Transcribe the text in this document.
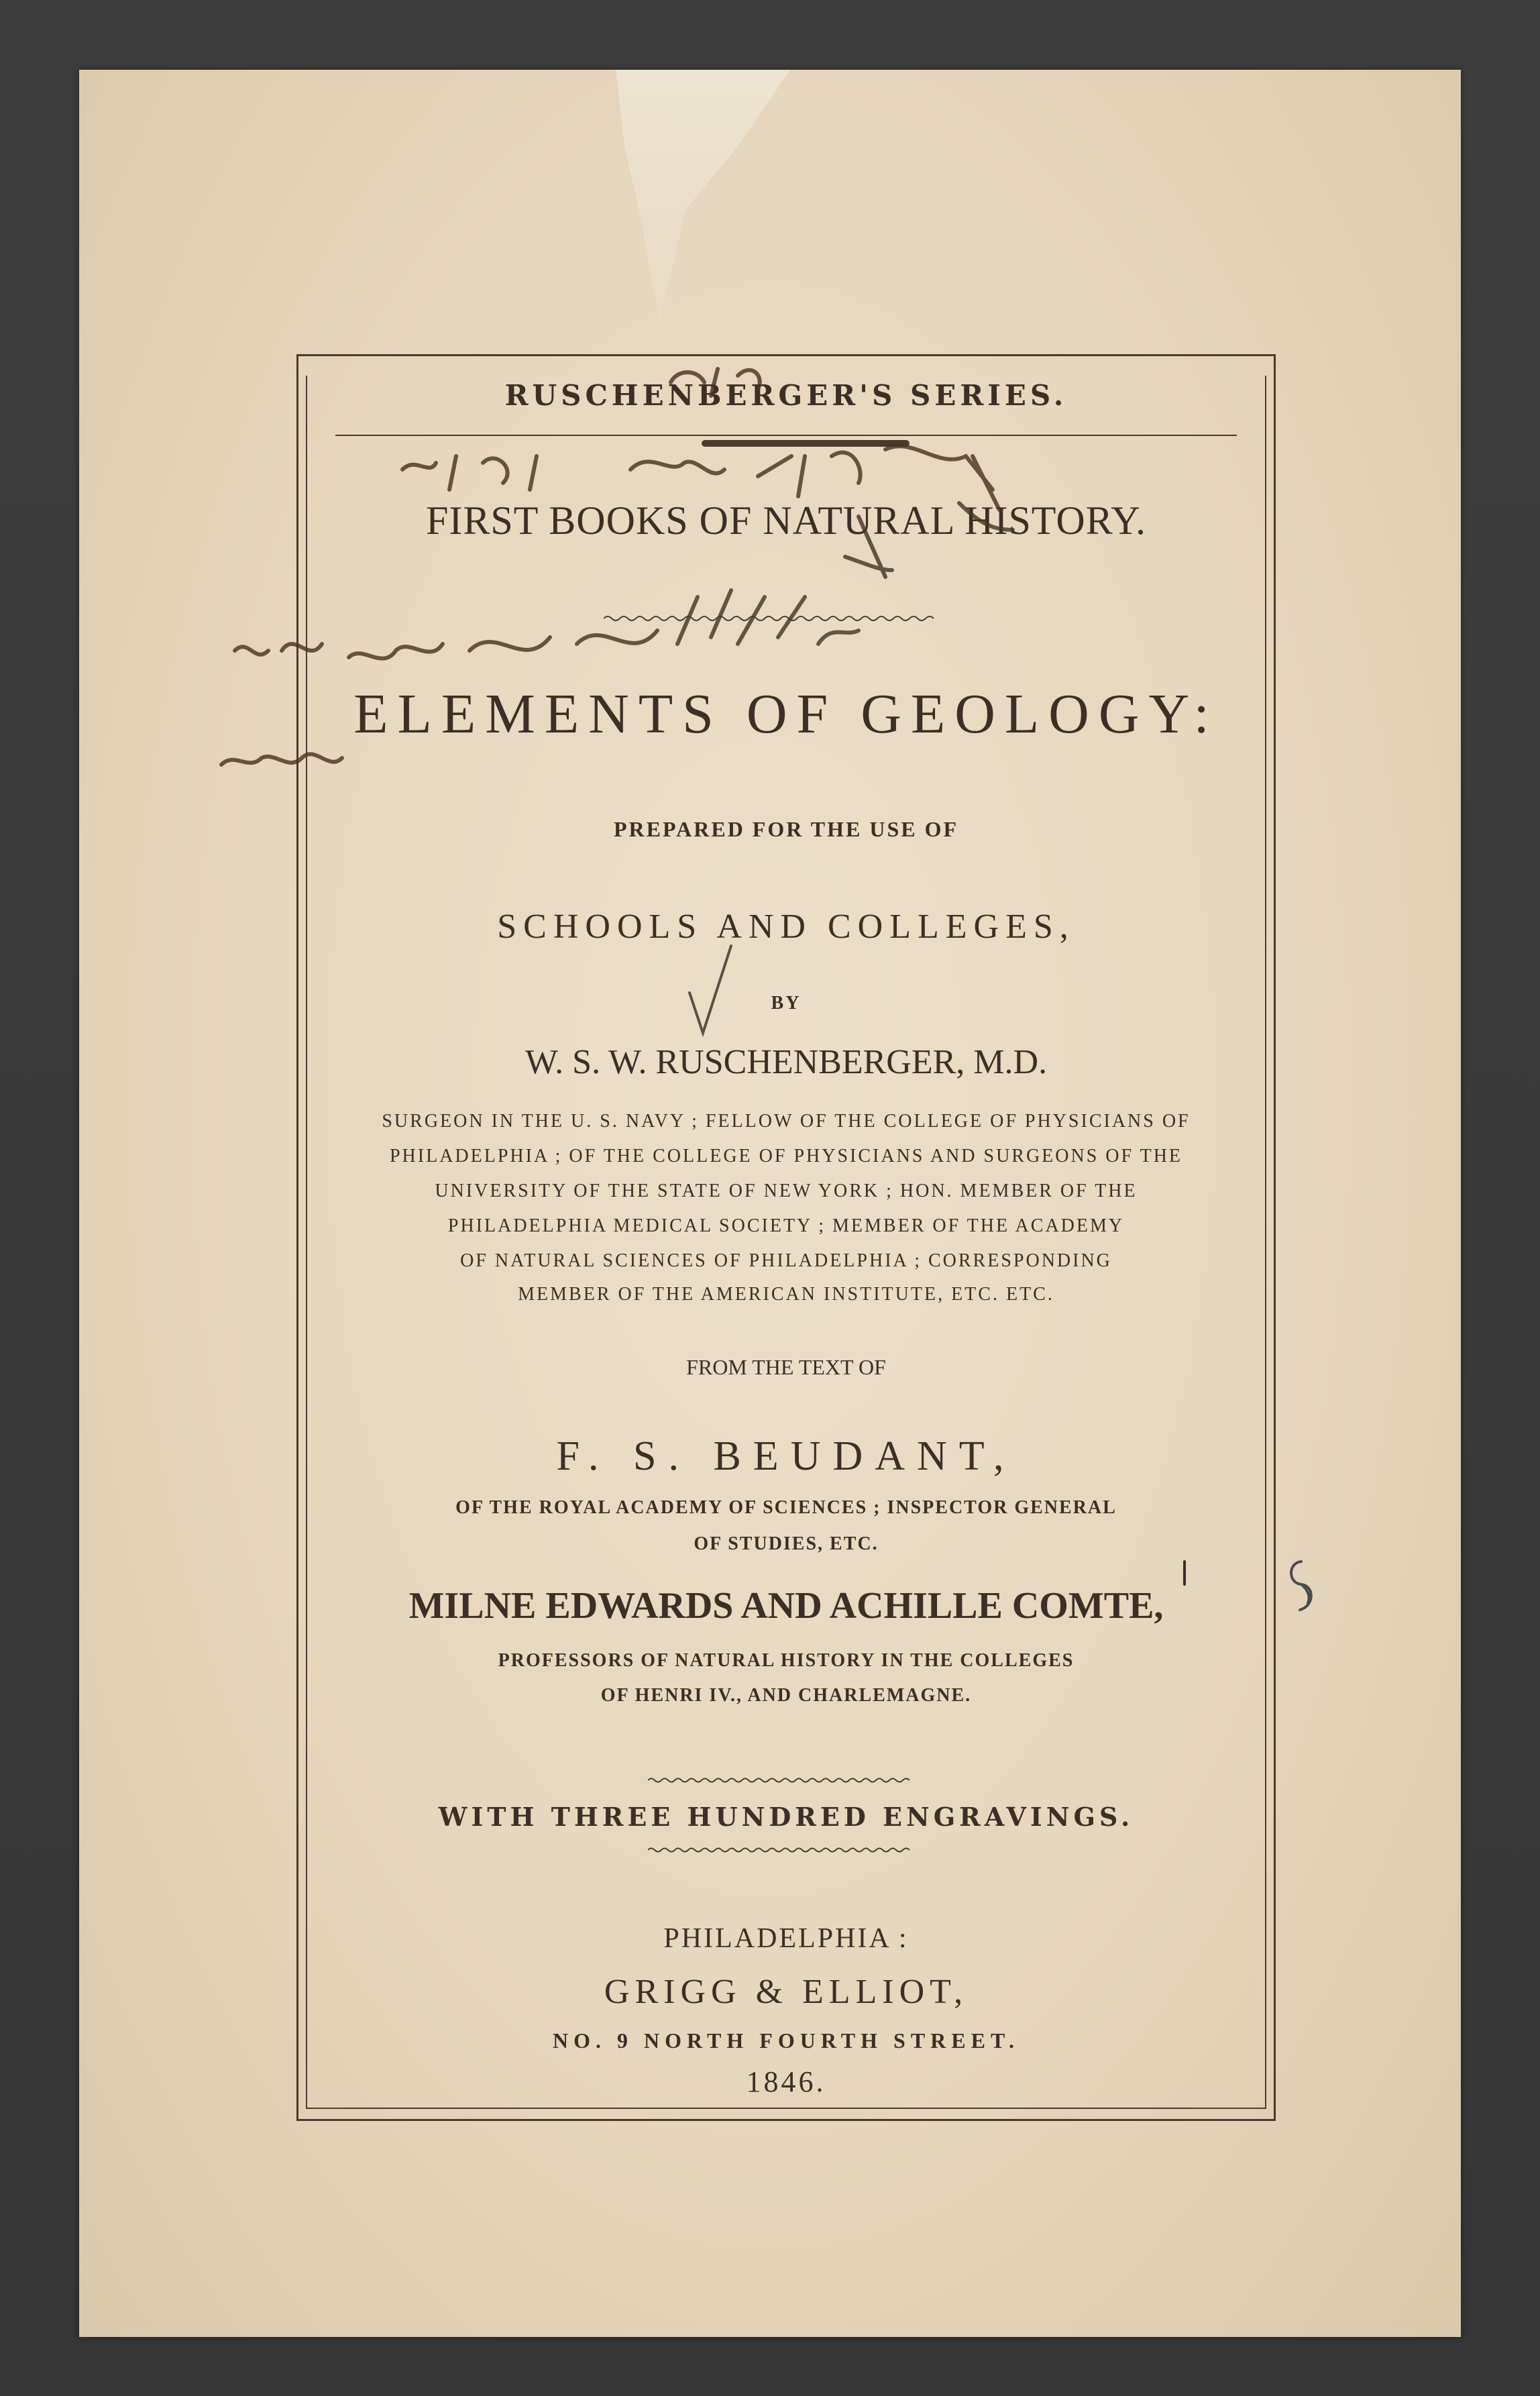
RUSCHENBERGER'S SERIES.
FIRST BOOKS OF NATURAL HISTORY.
ELEMENTS OF GEOLOGY:
PREPARED FOR THE USE OF
SCHOOLS AND COLLEGES,
BY
W. S. W. RUSCHENBERGER, M.D.
SURGEON IN THE U. S. NAVY ; FELLOW OF THE COLLEGE OF PHYSICIANS OF
PHILADELPHIA ; OF THE COLLEGE OF PHYSICIANS AND SURGEONS OF THE
UNIVERSITY OF THE STATE OF NEW YORK ; HON. MEMBER OF THE
PHILADELPHIA MEDICAL SOCIETY ; MEMBER OF THE ACADEMY
OF NATURAL SCIENCES OF PHILADELPHIA ; CORRESPONDING
MEMBER OF THE AMERICAN INSTITUTE, ETC. ETC.
FROM THE TEXT OF
F. S. BEUDANT,
OF THE ROYAL ACADEMY OF SCIENCES ; INSPECTOR GENERAL
OF STUDIES, ETC.
MILNE EDWARDS AND ACHILLE COMTE,
PROFESSORS OF NATURAL HISTORY IN THE COLLEGES
OF HENRI IV., AND CHARLEMAGNE.
WITH THREE HUNDRED ENGRAVINGS.
PHILADELPHIA :
GRIGG & ELLIOT,
NO. 9 NORTH FOURTH STREET.
1846.
